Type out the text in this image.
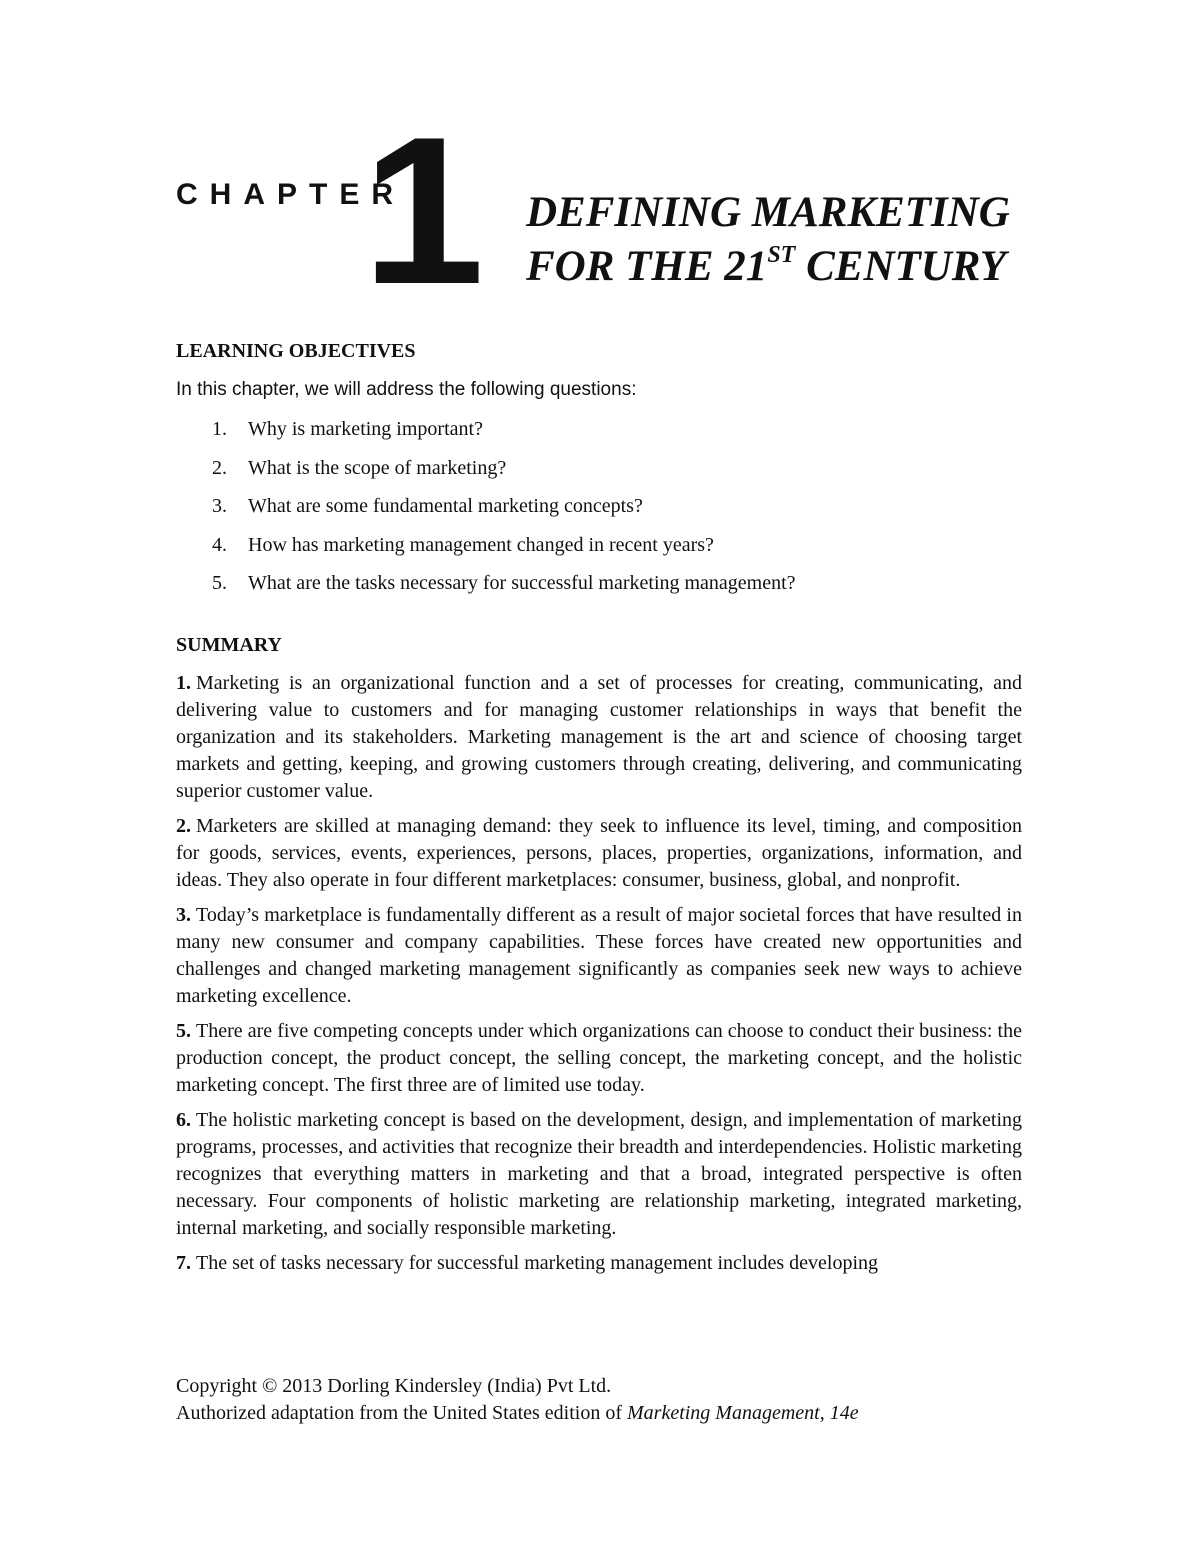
CHAPTER
1 DEFINING MARKETING
FOR THE 21ST CENTURY

LEARNING OBJECTIVES

In this chapter, we will address the following questions:

1.	Why is marketing important?
2.	What is the scope of marketing?
3.	What are some fundamental marketing concepts?
4.	How has marketing management changed in recent years?
5.	What are the tasks necessary for successful marketing management?

SUMMARY

1. Marketing is an organizational function and a set of processes for creating, communicating, and delivering value to customers and for managing customer relationships in ways that benefit the organization and its stakeholders. Marketing management is the art and science of choosing target markets and getting, keeping, and growing customers through creating, delivering, and communicating superior customer value.

2. Marketers are skilled at managing demand: they seek to influence its level, timing, and composition for goods, services, events, experiences, persons, places, properties, organizations, information, and ideas. They also operate in four different marketplaces: consumer, business, global, and nonprofit.

3. Today’s marketplace is fundamentally different as a result of major societal forces that have resulted in many new consumer and company capabilities. These forces have created new opportunities and challenges and changed marketing management significantly as companies seek new ways to achieve marketing excellence.

5. There are five competing concepts under which organizations can choose to conduct their business: the production concept, the product concept, the selling concept, the marketing concept, and the holistic marketing concept. The first three are of limited use today.

6. The holistic marketing concept is based on the development, design, and implementation of marketing programs, processes, and activities that recognize their breadth and interdependencies. Holistic marketing recognizes that everything matters in marketing and that a broad, integrated perspective is often necessary. Four components of holistic marketing are relationship marketing, integrated marketing, internal marketing, and socially responsible marketing.

7. The set of tasks necessary for successful marketing management includes developing

Copyright © 2013 Dorling Kindersley (India) Pvt Ltd.
Authorized adaptation from the United States edition of Marketing Management, 14e
